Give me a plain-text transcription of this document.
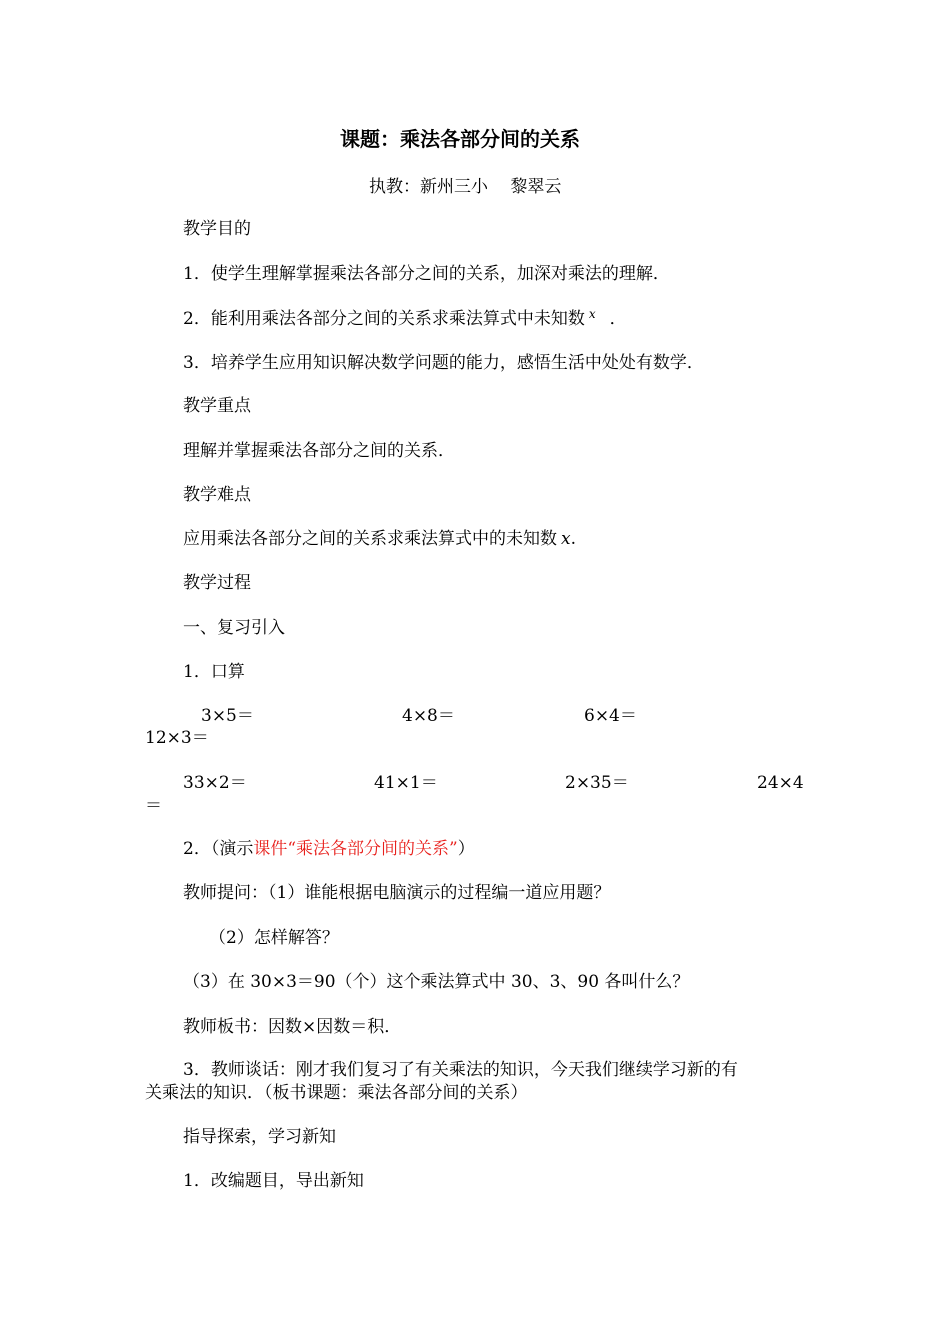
课题：乘法各部分间的关系
执教：新州三小　 黎翠云
教学目的
1．使学生理解掌握乘法各部分之间的关系，加深对乘法的理解．
2．能利用乘法各部分之间的关系求乘法算式中未知数 $^x$ ．
3．培养学生应用知识解决数学问题的能力，感悟生活中处处有数学．
教学重点
理解并掌握乘法各部分之间的关系．
教学难点
应用乘法各部分之间的关系求乘法算式中的未知数 x.
教学过程
一、复习引入
1．口算
3×5＝	4×8＝	6×4＝
12×3＝
33×2＝	41×1＝	2×35＝	24×4
＝
2．（演示课件“乘法各部分间的关系”）
教师提问：（1）谁能根据电脑演示的过程编一道应用题？
（2）怎样解答？
（3）在 30×3＝90（个）这个乘法算式中 30、3、90 各叫什么？
教师板书：因数×因数＝积．
3．教师谈话：刚才我们复习了有关乘法的知识，今天我们继续学习新的有
关乘法的知识．（板书课题：乘法各部分间的关系）
指导探索，学习新知
1．改编题目，导出新知
